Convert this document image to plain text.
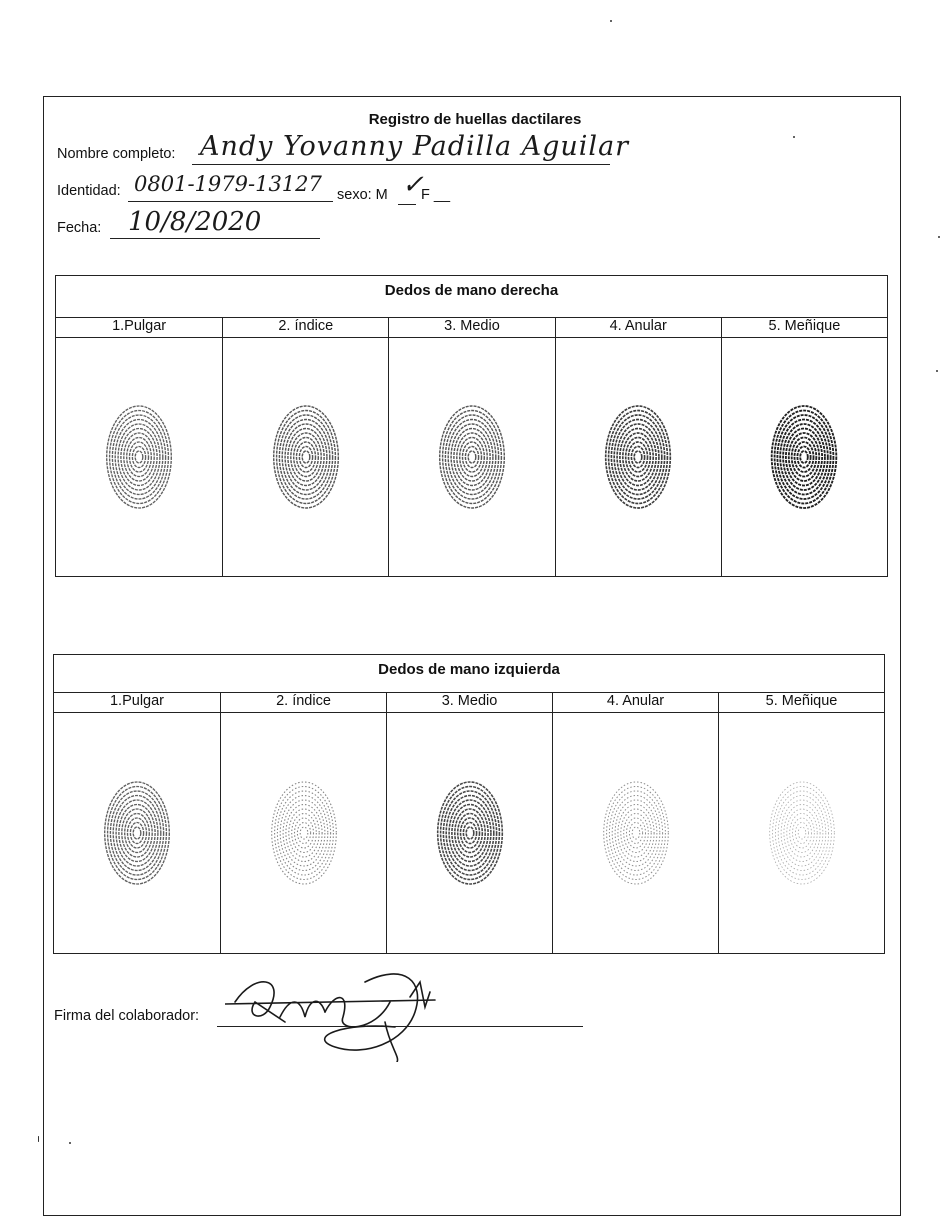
Registro de huellas dactilares
Nombre completo: Andy Yovanny Padilla Aguilar
Identidad: 0801-1979-13127 sexo: M ✓
F __
Fecha: 10/8/2020
Dedos de mano derecha
1.Pulgar	2. índice	3. Medio	4. Anular	5. Meñique
Dedos de mano izquierda
1.Pulgar	2. índice	3. Medio	4. Anular	5. Meñique
Firma del colaborador:
